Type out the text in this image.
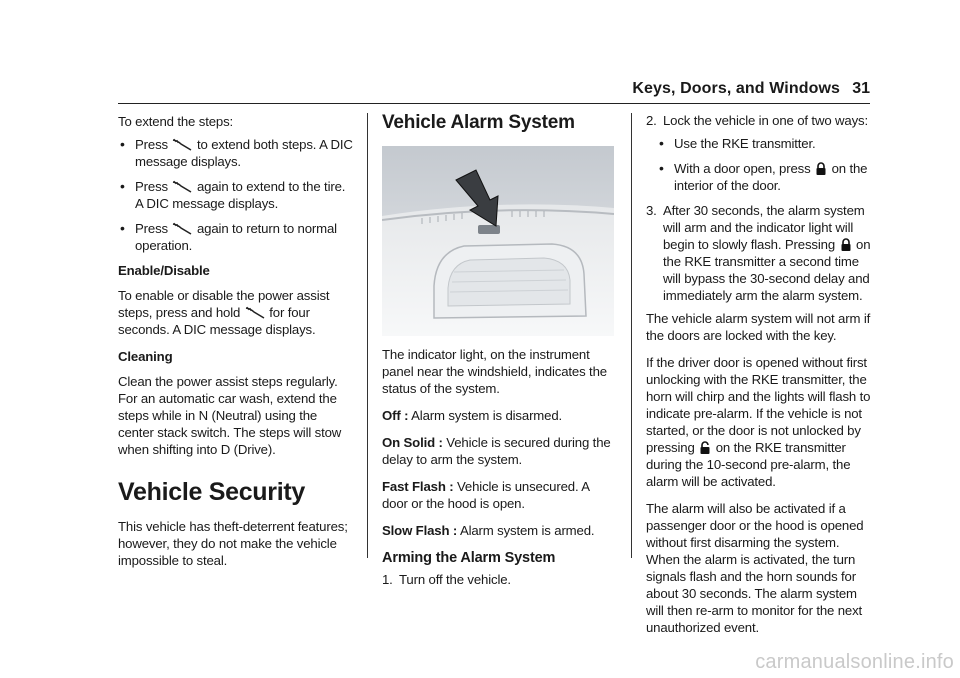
Keys, Doors, and Windows 31

To extend the steps:

• Press to extend both steps. A DIC message displays.
• Press again to extend to the tire. A DIC message displays.
• Press again to return to normal operation.

Enable/Disable

To enable or disable the power assist steps, press and hold for four seconds. A DIC message displays.

Cleaning

Clean the power assist steps regularly. For an automatic car wash, extend the steps while in N (Neutral) using the center stack switch. The steps will stow when shifting into D (Drive).

Vehicle Security

This vehicle has theft-deterrent features; however, they do not make the vehicle impossible to steal.

Vehicle Alarm System

The indicator light, on the instrument panel near the windshield, indicates the status of the system.

Off : Alarm system is disarmed.

On Solid : Vehicle is secured during the delay to arm the system.

Fast Flash : Vehicle is unsecured. A door or the hood is open.

Slow Flash : Alarm system is armed.

Arming the Alarm System
1. Turn off the vehicle.
2. Lock the vehicle in one of two ways:
• Use the RKE transmitter.
• With a door open, press on the interior of the door.
3. After 30 seconds, the alarm system will arm and the indicator light will begin to slowly flash. Pressing on the RKE transmitter a second time will bypass the 30-second delay and immediately arm the alarm system.

The vehicle alarm system will not arm if the doors are locked with the key.

If the driver door is opened without first unlocking with the RKE transmitter, the horn will chirp and the lights will flash to indicate pre-alarm. If the vehicle is not started, or the door is not unlocked by pressing on the RKE transmitter during the 10-second pre-alarm, the alarm will be activated.

The alarm will also be activated if a passenger door or the hood is opened without first disarming the system. When the alarm is activated, the turn signals flash and the horn sounds for about 30 seconds. The alarm system will then re-arm to monitor for the next unauthorized event.

carmanualsonline.info
